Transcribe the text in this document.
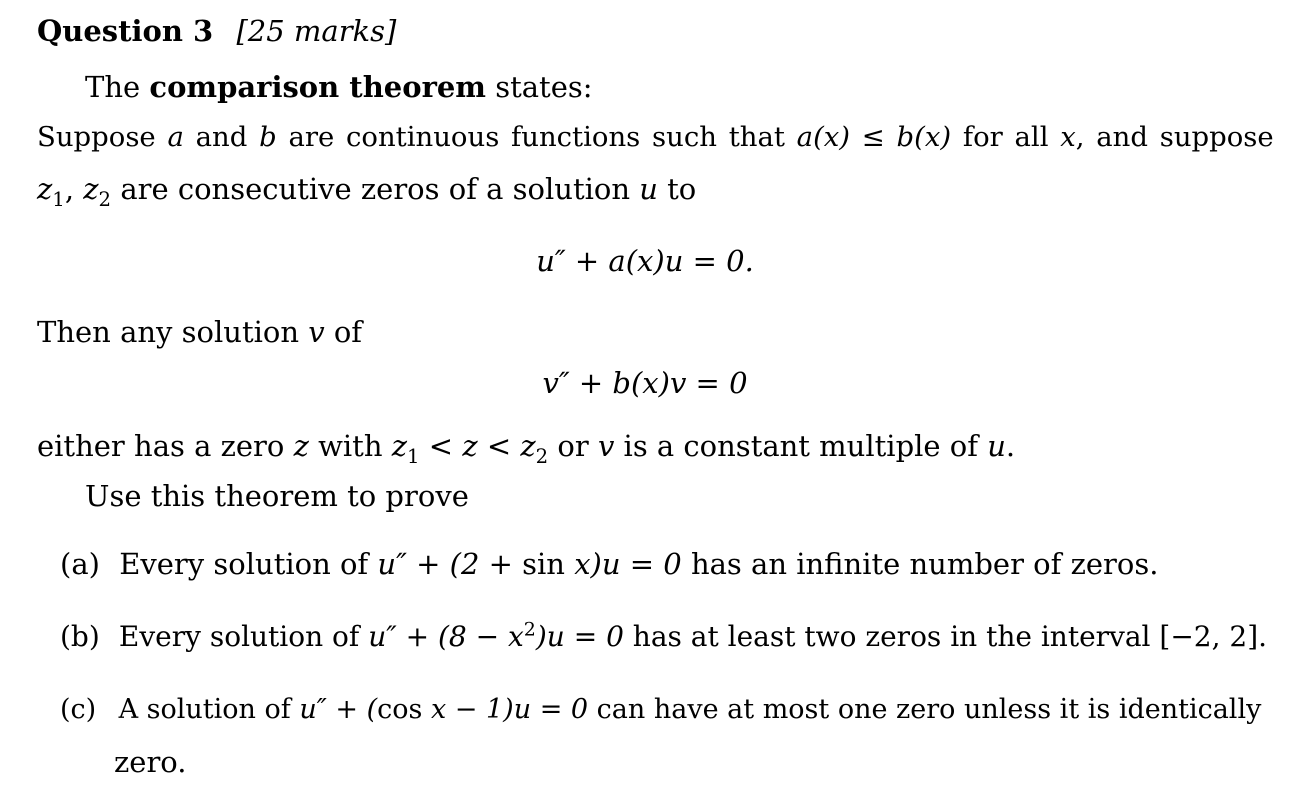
Question 3 [25 marks]
The comparison theorem states:
Suppose a and b are continuous functions such that a(x) ≤ b(x) for all x, and suppose
$z_1$, $z_2$ are consecutive zeros of a solution u to
u″ + a(x)u = 0.
Then any solution v of
v″ + b(x)v = 0
either has a zero z with $z_1 < z < z_2$ or v is a constant multiple of u.
Use this theorem to prove
(a) Every solution of u″ + (2 + sin x)u = 0 has an infinite number of zeros.
(b) Every solution of $u'' + (8 - x^2)u = 0$ has at least two zeros in the interval [−2, 2].
(c) A solution of u″ + (cos x − 1)u = 0 can have at most one zero unless it is identically
zero.
